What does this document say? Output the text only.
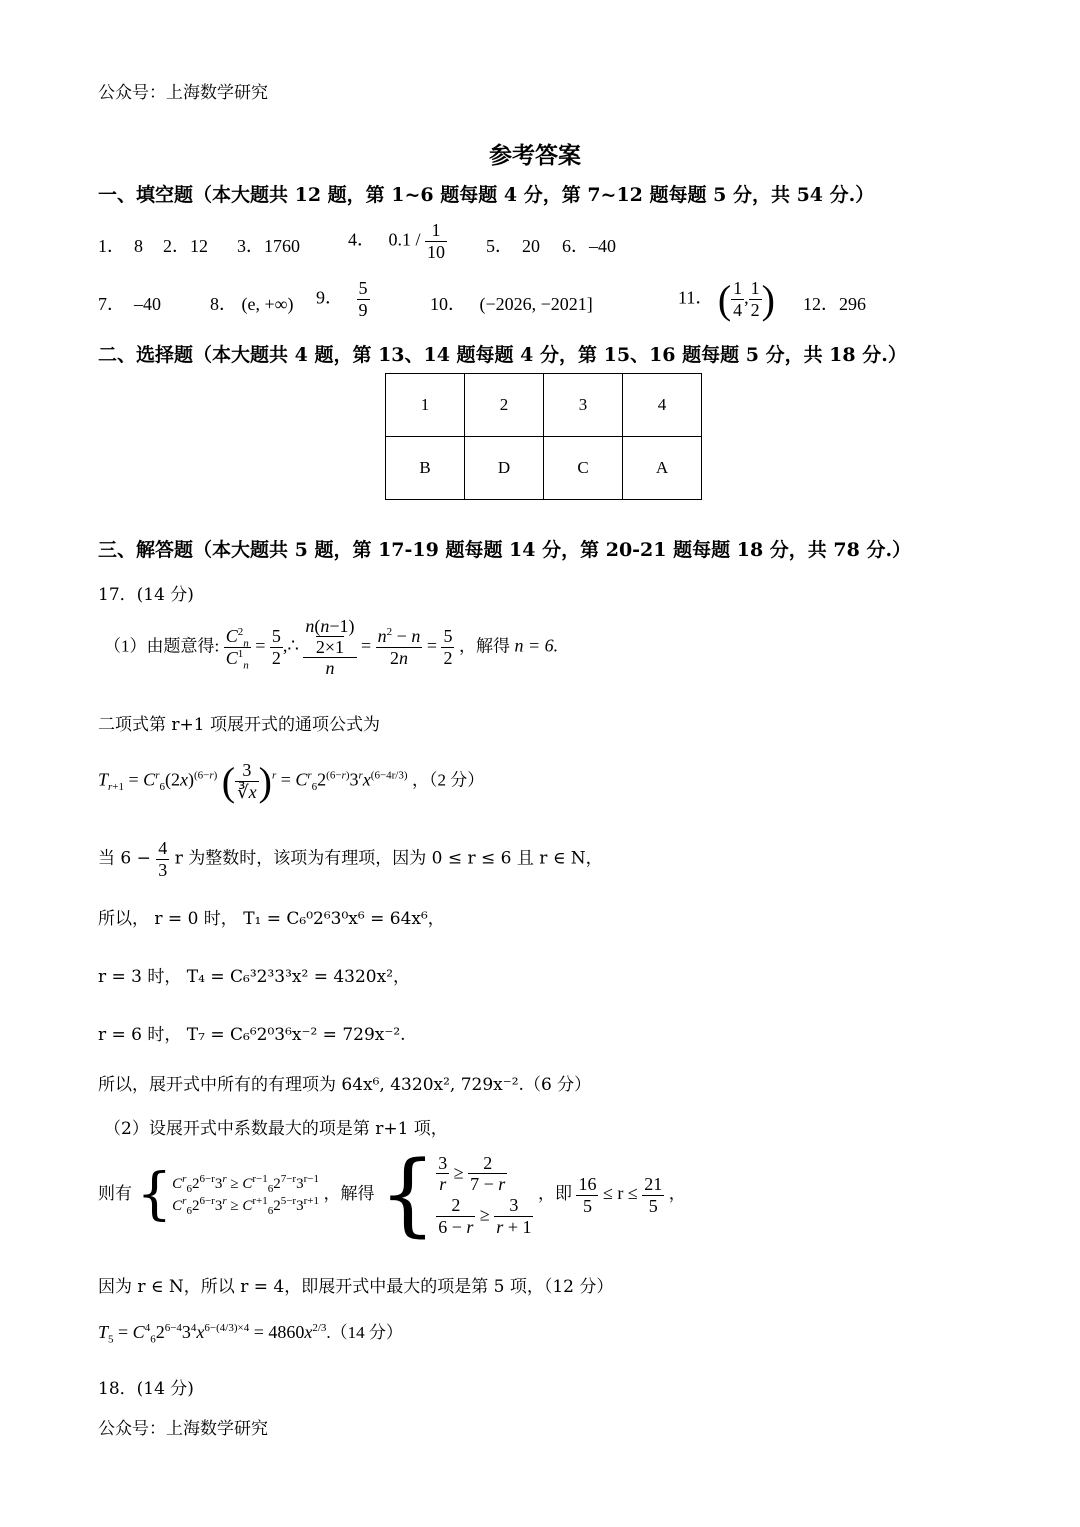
公众号：上海数学研究
参考答案
一、填空题（本大题共 12 题，第 1~6 题每题 4 分，第 7~12 题每题 5 分，共 54 分.）
1．　8 2．12 3．1760	4． $0.1 / \frac{1}{10} 5$．　20 6．–40
7．　–40	8． (e, +∞) 9． $\frac{5}{9}$	10． (−2026, −2021]	11． ( $\frac{1}{4}$ , $\frac{1}{2}$ ) 12．296
二、选择题（本大题共 4 题，第 13、14 题每题 4 分，第 15、16 题每题 5 分，共 18 分.）
1	2	3	4
B	D	C	A
三、解答题（本大题共 5 题，第 17-19 题每题 14 分，第 20-21 题每题 18 分，共 78 分.）
17．(14 分)
（1）由题意得: $\frac{C^2_n}{C^1_n} = \frac{5}{2}$ ,∴
n(n−1)
2×1
n
= $\frac{n^2 - n}{2n} = \frac{5}{2}$ ，解得 n = 6.
二项式第 r+1 项展开式的通项公式为
$T_{r+1} = C^r_6(2x)^{(6-r)}$ ( $\frac{3}{∛x} )^r = C^r_62^{(6-r)}3^rx^{(6-4r/3)}$ ，（2 分）
当 $6 - \frac{4}{3}$ r 为整数时，该项为有理项，因为 0 ≤ r ≤ 6 且 r ∈ N，
所以， r = 0 时， T₁ = C₆⁰2⁶3⁰x⁶ = 64x⁶，
r = 3 时， T₄ = C₆³2³3³x² = 4320x²，
r = 6 时， T₇ = C₆⁶2⁰3⁶x⁻² = 729x⁻².
所以，展开式中所有的有理项为 64x⁶, 4320x², 729x⁻².（6 分）
（2）设展开式中系数最大的项是第 r+1 项，
则有 {$C^r_62^{6-r}3^r \ge C^{r-1}_62^{7-r}3^{r-1}$
$C^r_62^{6-r}3^r \ge C^{r+1}_62^{5-r}3^{r+1}$ ，解得 { $\frac{3}{r} \ge \frac{2}{7 - r}$

$\frac{2}{6 - r} \ge \frac{3}{r + 1}$
，即 $\frac{16}{5} \le r \le \frac{21}{5}$ ，
因为 r ∈ N，所以 r = 4，即展开式中最大的项是第 5 项，（12 分）
$T_5 = C^4_62^{6-4}3^4x^{6-(4/3)\times 4} = 4860x^{2/3}.(14$ 分）
18．(14 分)
公众号：上海数学研究
